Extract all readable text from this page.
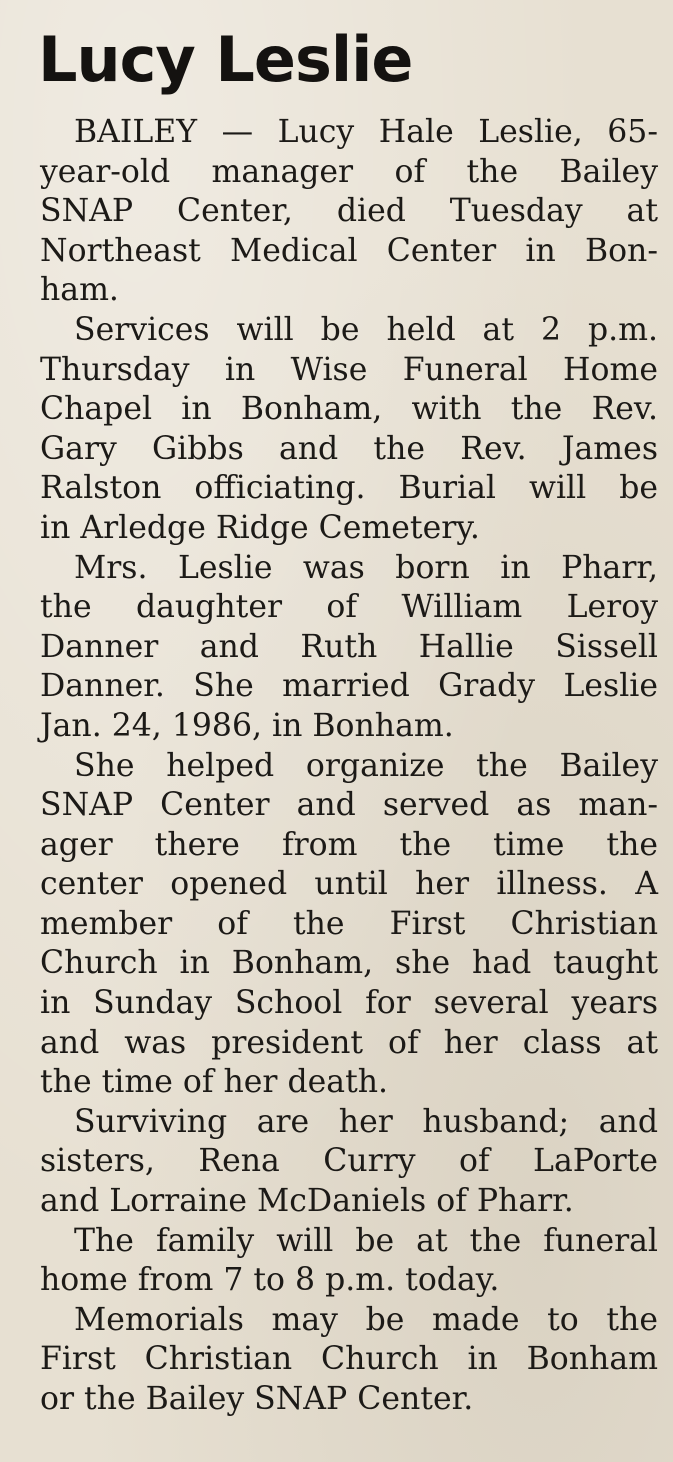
Lucy Leslie
BAILEY — Lucy Hale Leslie, 65-
year-old manager of the Bailey
SNAP Center, died Tuesday at
Northeast Medical Center in Bon-
ham.
Services will be held at 2 p.m.
Thursday in Wise Funeral Home
Chapel in Bonham, with the Rev.
Gary Gibbs and the Rev. James
Ralston officiating. Burial will be
in Arledge Ridge Cemetery.
Mrs. Leslie was born in Pharr,
the daughter of William Leroy
Danner and Ruth Hallie Sissell
Danner. She married Grady Leslie
Jan. 24, 1986, in Bonham.
She helped organize the Bailey
SNAP Center and served as man-
ager there from the time the
center opened until her illness. A
member of the First Christian
Church in Bonham, she had taught
in Sunday School for several years
and was president of her class at
the time of her death.
Surviving are her husband; and
sisters, Rena Curry of LaPorte
and Lorraine McDaniels of Pharr.
The family will be at the funeral
home from 7 to 8 p.m. today.
Memorials may be made to the
First Christian Church in Bonham
or the Bailey SNAP Center.
